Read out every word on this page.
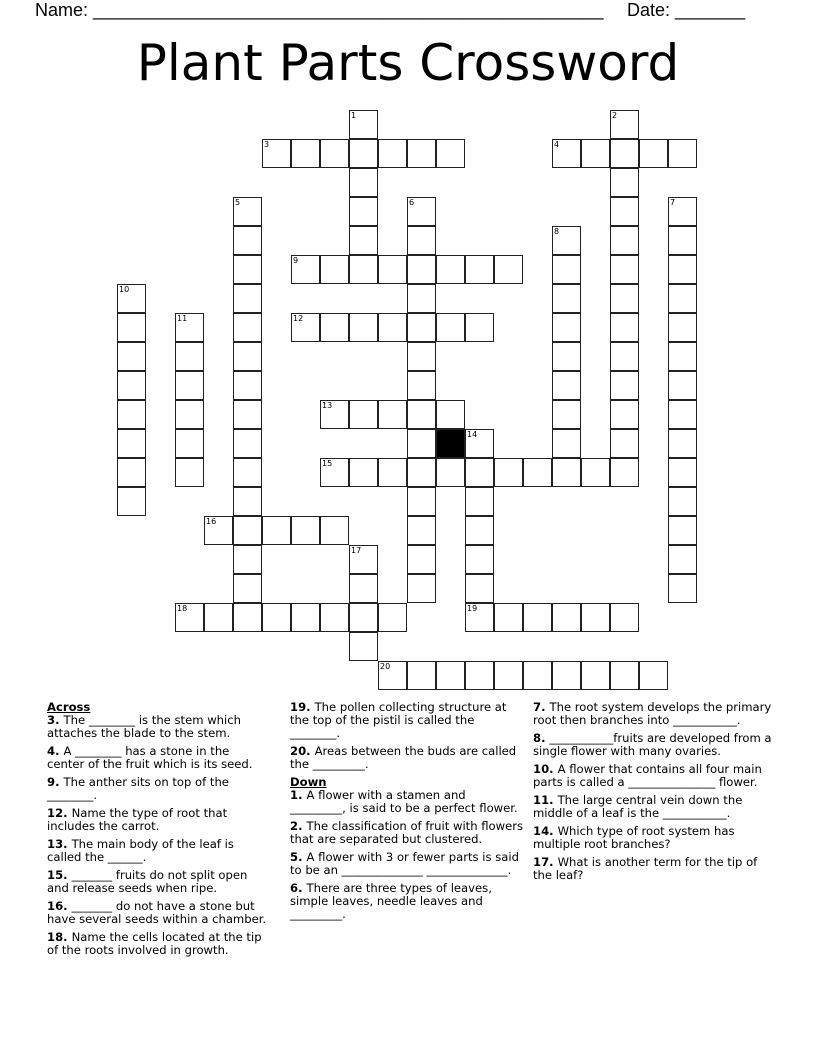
Name: ___________________________________________________ Date: _______
Plant Parts Crossword
1	2
3	4
5	6	7
8
9
10
11	12
13
14
19
15
16
17
18
20
Across

3. The ________ is the stem which attaches the blade to the stem.

4. A ________ has a stone in the center of the fruit which is its seed.

9. The anther sits on top of the ________.

12. Name the type of root that includes the carrot.

13. The main body of the leaf is called the ______.

15. _______ fruits do not split open and release seeds when ripe.

16. _______ do not have a stone but have several seeds within a chamber.

18. Name the cells located at the tip of the roots involved in growth.

19. The pollen collecting structure at the top of the pistil is called the ________.

20. Areas between the buds are called the _________.

Down

1. A flower with a stamen and _________, is said to be a perfect flower.

2. The classification of fruit with flowers that are separated but clustered.

5. A flower with 3 or fewer parts is said to be an ______________ ______________.

6. There are three types of leaves, simple leaves, needle leaves and _________.

7. The root system develops the primary root then branches into ___________.

8. ___________fruits are developed from a single flower with many ovaries.

10. A flower that contains all four main parts is called a _______________ flower.

11. The large central vein down the middle of a leaf is the ___________.

14. Which type of root system has multiple root branches?

17. What is another term for the tip of the leaf?
